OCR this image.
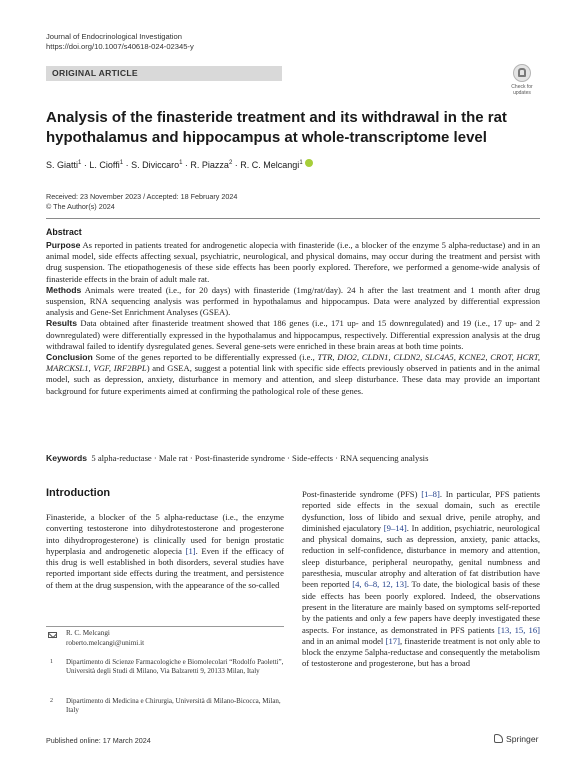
Journal of Endocrinological Investigation
https://doi.org/10.1007/s40618-024-02345-y
ORIGINAL ARTICLE
Check for
updates
Analysis of the finasteride treatment and its withdrawal in the rat hypothalamus and hippocampus at whole-transcriptome level
S. Giatti$^1$ · L. Cioffi$^1$ · S. Diviccaro$^1$ · R. Piazza$^2$ · R. C. Melcangi$^1$
Received: 23 November 2023 / Accepted: 18 February 2024
© The Author(s) 2024
Abstract

Purpose As reported in patients treated for androgenetic alopecia with finasteride (i.e., a blocker of the enzyme 5 alpha-reductase) and in an animal model, side effects affecting sexual, psychiatric, neurological, and physical domains, may occur during the treatment and persist with drug suspension. The etiopathogenesis of these side effects has been poorly explored. Therefore, we performed a genome-wide analysis of finasteride effects in the brain of adult male rat.

Methods Animals were treated (i.e., for 20 days) with finasteride (1mg/rat/day). 24 h after the last treatment and 1 month after drug suspension, RNA sequencing analysis was performed in hypothalamus and hippocampus. Data were analyzed by differential expression analysis and Gene-Set Enrichment Analyses (GSEA).

Results Data obtained after finasteride treatment showed that 186 genes (i.e., 171 up- and 15 downregulated) and 19 (i.e., 17 up- and 2 downregulated) were differentially expressed in the hypothalamus and hippocampus, respectively. Differential expression analysis at the drug withdrawal failed to identify dysregulated genes. Several gene-sets were enriched in these brain areas at both time points.

Conclusion Some of the genes reported to be differentially expressed (i.e., TTR, DIO2, CLDN1, CLDN2, SLC4A5, KCNE2, CROT, HCRT, MARCKSL1, VGF, IRF2BPL) and GSEA, suggest a potential link with specific side effects previously observed in patients and in the animal model, such as depression, anxiety, disturbance in memory and attention, and sleep disturbance. These data may provide an important background for future experiments aimed at confirming the pathological role of these genes.

Keywords 5 alpha-reductase · Male rat · Post-finasteride syndrome · Side-effects · RNA sequencing analysis
Introduction
Finasteride, a blocker of the 5 alpha-reductase (i.e., the enzyme converting testosterone into dihydrotestosterone and progesterone into dihydroprogesterone) is clinically used for benign prostatic hyperplasia and androgenetic alopecia [1]. Even if the efficacy of this drug is well established in both disorders, several studies have reported important side effects during the treatment, and persistence of them at the drug suspension, with the appearance of the so-called
Post-finasteride syndrome (PFS) [1–8]. In particular, PFS patients reported side effects in the sexual domain, such as erectile dysfunction, loss of libido and sexual drive, penile atrophy, and diminished ejaculatory [9–14]. In addition, psychiatric, neurological and physical domains, such as depression, anxiety, panic attacks, reduction in self-confidence, disturbance in memory and attention, sleep disturbance, peripheral neuropathy, genital numbness and paresthesia, muscular atrophy and alteration of fat distribution have been reported [4, 6–8, 12, 13]. To date, the biological basis of these side effects has been poorly explored. Indeed, the observations present in the literature are mainly based on symptoms self-reported by the patients and only a few papers have deeply investigated these aspects. For instance, as demonstrated in PFS patients [13, 15, 16] and in an animal model [17], finasteride treatment is not only able to block the enzyme 5alpha-reductase and consequently the metabolism of testosterone and progesterone, but has a broad
R. C. Melcangi
roberto.melcangi@unimi.it
1 Dipartimento di Scienze Farmacologiche e Biomolecolari “Rodolfo Paoletti”, Università degli Studi di Milano, Via Balzaretti 9, 20133 Milan, Italy
2 Dipartimento di Medicina e Chirurgia, Università di Milano-Bicocca, Milan, Italy
Published online: 17 March 2024	Springer
